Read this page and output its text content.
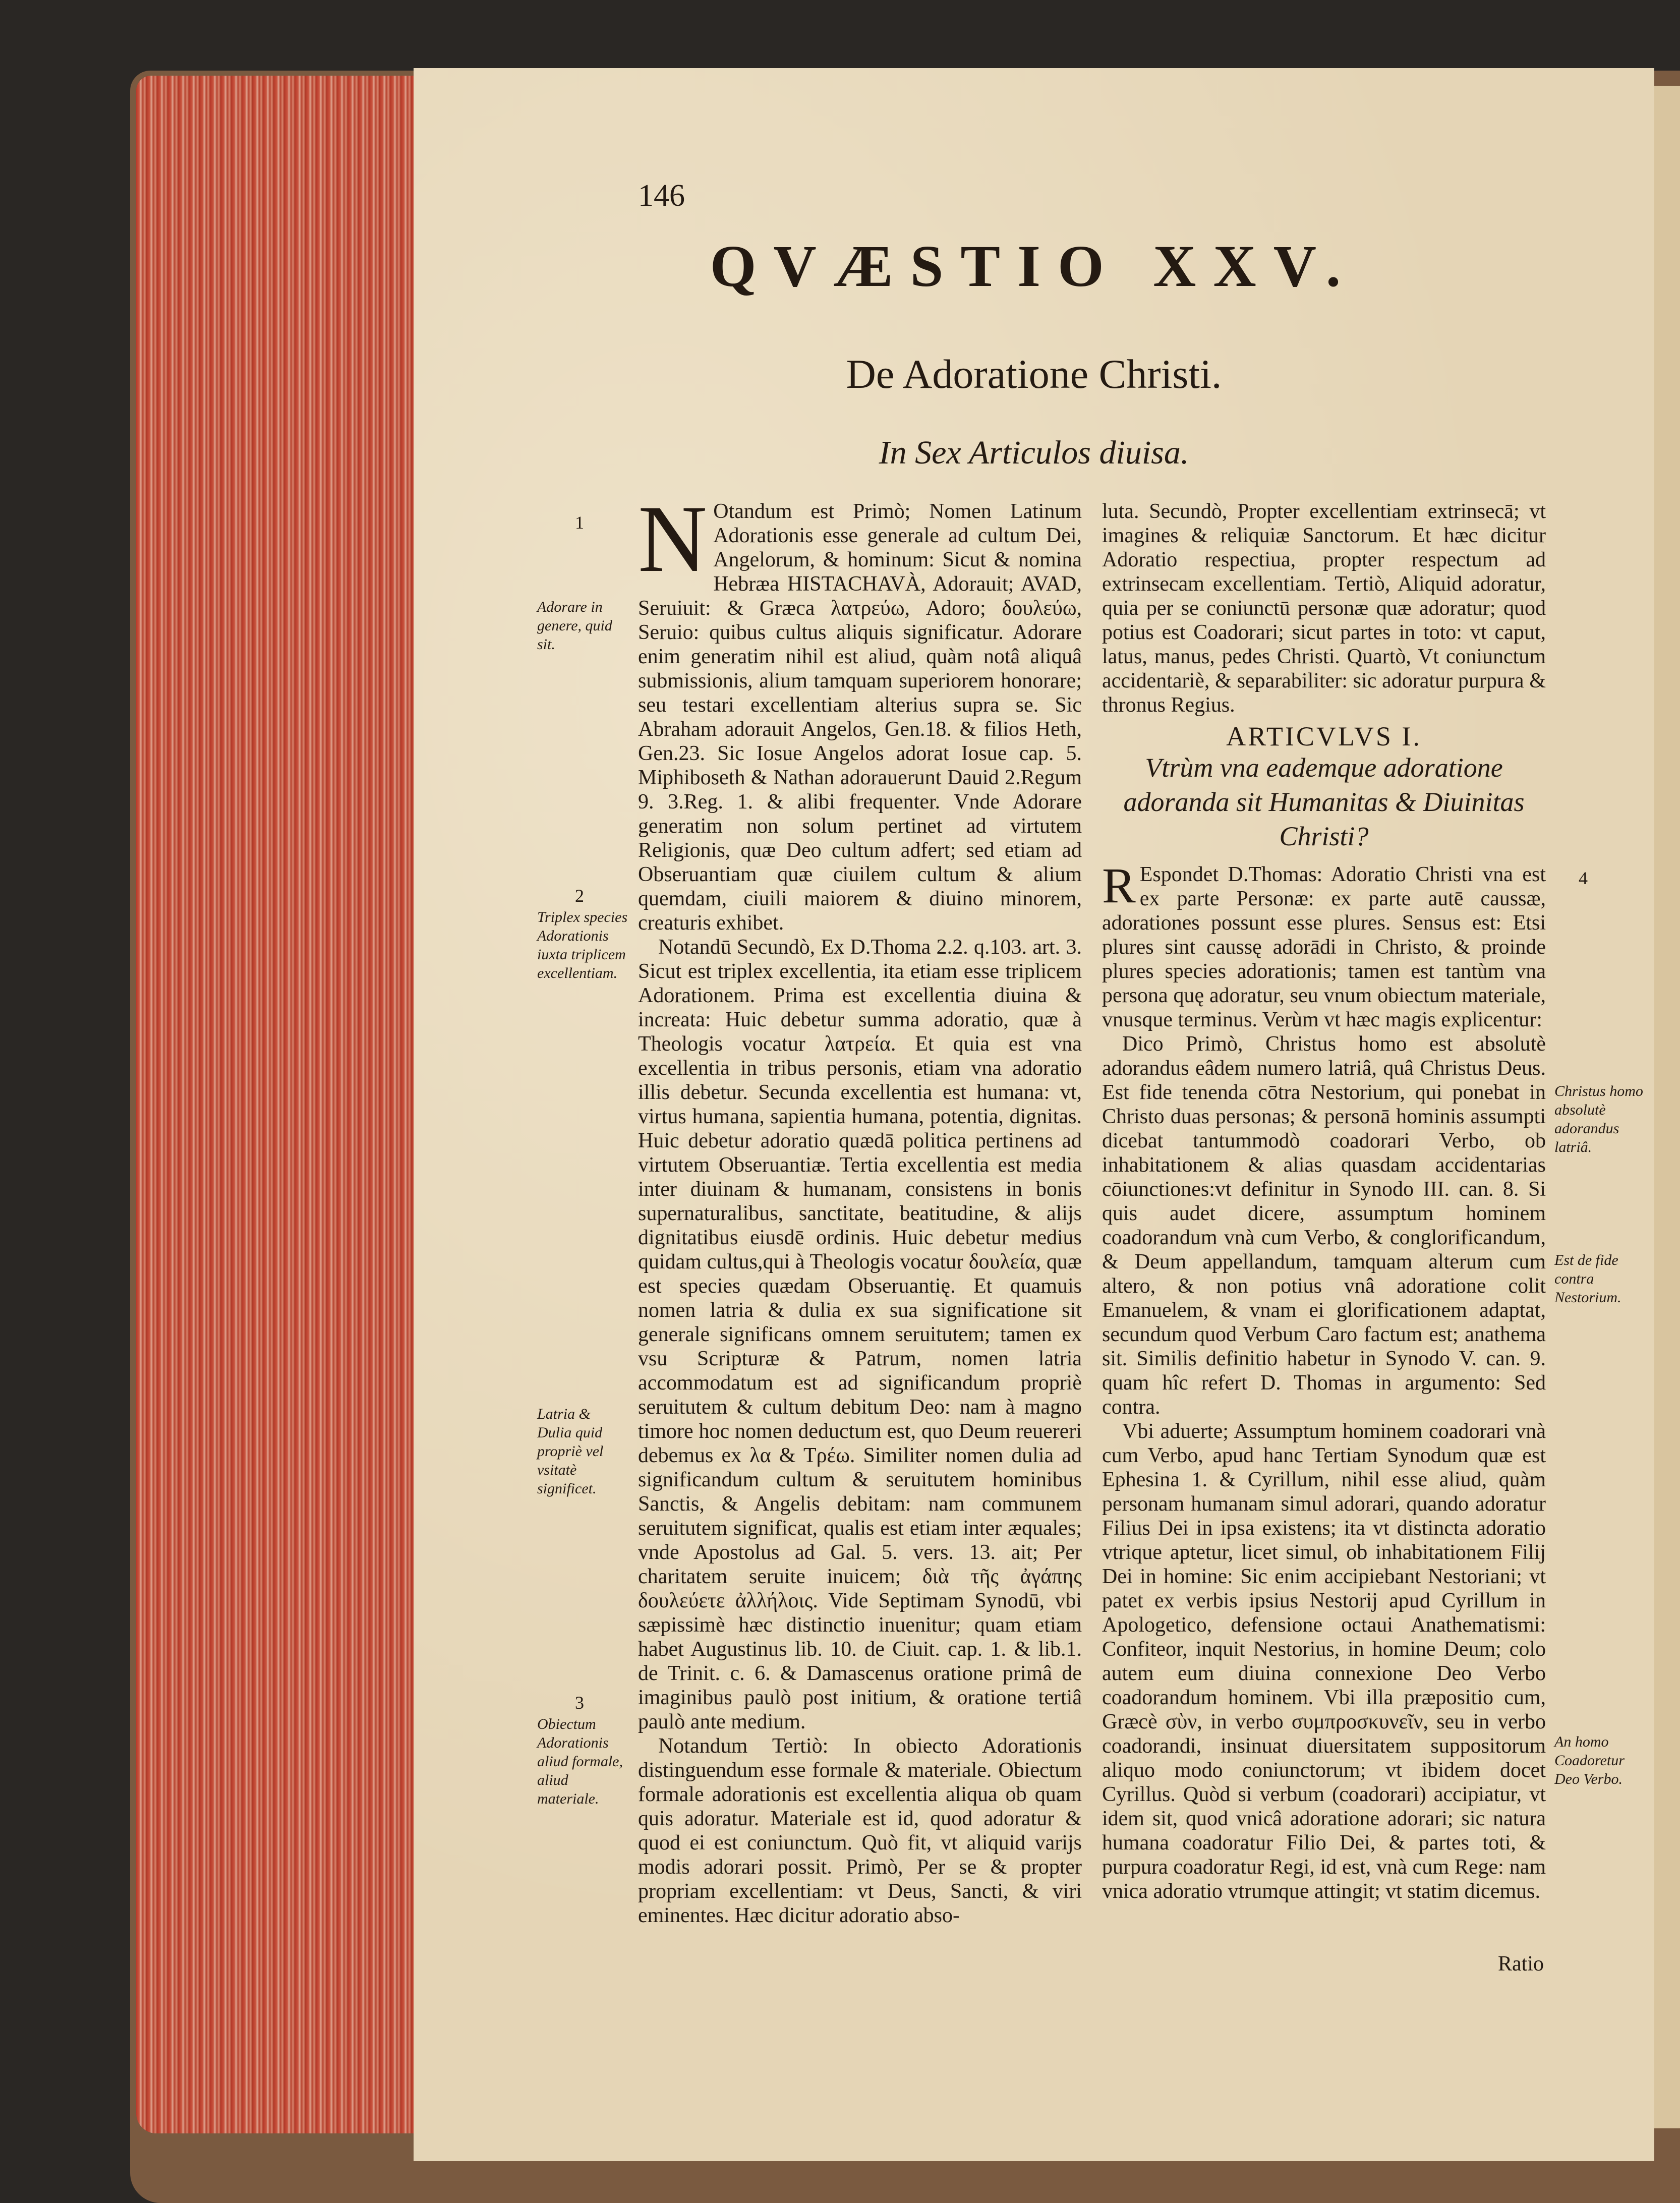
146
QVÆSTIO XXV.
De Adoratione Christi.
In Sex Articulos diuisa.
1
Adorare in genere, quid sit.
2
Triplex species Adorationis iuxta triplicem excellentiam.
Latria & Dulia quid propriè vel vsitatè significet.
3
Obiectum Adorationis aliud formale, aliud materiale.

N Otandum est Primò; Nomen Latinum Adorationis esse generale ad cultum Dei, Angelorum, & hominum: Sicut & nomina Hebræa HISTACHAVÀ, Adorauit; AVAD, Seruiuit: & Græca λατρεύω, Adoro; δουλεύω, Seruio: quibus cultus aliquis significatur. Adorare enim generatim nihil est aliud, quàm notâ aliquâ submissionis, alium tamquam superiorem honorare; seu testari excellentiam alterius supra se. Sic Abraham adorauit Angelos, Gen.18. & filios Heth, Gen.23. Sic Iosue Angelos adorat Iosue cap. 5. Miphiboseth & Nathan adorauerunt Dauid 2.Regum 9. 3.Reg. 1. & alibi frequenter. Vnde Adorare generatim non solum pertinet ad virtutem Religionis, quæ Deo cultum adfert; sed etiam ad Obseruantiam quæ ciuilem cultum & alium quemdam, ciuili maiorem & diuino minorem, creaturis exhibet.

Notandū Secundò, Ex D.Thoma 2.2. q.103. art. 3. Sicut est triplex excellentia, ita etiam esse triplicem Adorationem. Prima est excellentia diuina & increata: Huic debetur summa adoratio, quæ à Theologis vocatur λατρεία. Et quia est vna excellentia in tribus personis, etiam vna adoratio illis debetur. Secunda excellentia est humana: vt, virtus humana, sapientia humana, potentia, dignitas. Huic debetur adoratio quædā politica pertinens ad virtutem Obseruantiæ. Tertia excellentia est media inter diuinam & humanam, consistens in bonis supernaturalibus, sanctitate, beatitudine, & alijs dignitatibus eiusdē ordinis. Huic debetur medius quidam cultus,qui à Theologis vocatur δουλεία, quæ est species quædam Obseruantię. Et quamuis nomen latria & dulia ex sua significatione sit generale significans omnem seruitutem; tamen ex vsu Scripturæ & Patrum, nomen latria accommodatum est ad significandum propriè seruitutem & cultum debitum Deo: nam à magno timore hoc nomen deductum est, quo Deum reuereri debemus ex λα & Τρέω. Similiter nomen dulia ad significandum cultum & seruitutem hominibus Sanctis, & Angelis debitam: nam communem seruitutem significat, qualis est etiam inter æquales; vnde Apostolus ad Gal. 5. vers. 13. ait; Per charitatem seruite inuicem; διὰ τῆς ἀγάπης δουλεύετε ἀλλήλοις. Vide Septimam Synodū, vbi sæpissimè hæc distinctio inuenitur; quam etiam habet Augustinus lib. 10. de Ciuit. cap. 1. & lib.1. de Trinit. c. 6. & Damascenus oratione primâ de imaginibus paulò post initium, & oratione tertiâ paulò ante medium.

Notandum Tertiò: In obiecto Adorationis distinguendum esse formale & materiale. Obiectum formale adorationis est excellentia aliqua ob quam quis adoratur. Materiale est id, quod adoratur & quod ei est coniunctum. Quò fit, vt aliquid varijs modis adorari possit. Primò, Per se & propter propriam excellentiam: vt Deus, Sancti, & viri eminentes. Hæc dicitur adoratio abso-

luta. Secundò, Propter excellentiam extrinsecā; vt imagines & reliquiæ Sanctorum. Et hæc dicitur Adoratio respectiua, propter respectum ad extrinsecam excellentiam. Tertiò, Aliquid adoratur, quia per se coniunctū personæ quæ adoratur; quod potius est Coadorari; sicut partes in toto: vt caput, latus, manus, pedes Christi. Quartò, Vt coniunctum accidentariè, & separabiliter: sic adoratur purpura & thronus Regius.

ARTICVLVS I.
Vtrùm vna eademque adoratione adoranda sit Humanitas & Diuinitas Christi?

R Espondet D.Thomas: Adoratio Christi vna est ex parte Personæ: ex parte autē caussæ, adorationes possunt esse plures. Sensus est: Etsi plures sint caussę adorādi in Christo, & proinde plures species adorationis; tamen est tantùm vna persona quę adoratur, seu vnum obiectum materiale, vnusque terminus. Verùm vt hæc magis explicentur:

Dico Primò, Christus homo est absolutè adorandus eâdem numero latriâ, quâ Christus Deus. Est fide tenenda cōtra Nestorium, qui ponebat in Christo duas personas; & personā hominis assumpti dicebat tantummodò coadorari Verbo, ob inhabitationem & alias quasdam accidentarias cōiunctiones:vt definitur in Synodo III. can. 8. Si quis audet dicere, assumptum hominem coadorandum vnà cum Verbo, & conglorificandum, & Deum appellandum, tamquam alterum cum altero, & non potius vnâ adoratione colit Emanuelem, & vnam ei glorificationem adaptat, secundum quod Verbum Caro factum est; anathema sit. Similis definitio habetur in Synodo V. can. 9. quam hîc refert D. Thomas in argumento: Sed contra.

Vbi aduerte; Assumptum hominem coadorari vnà cum Verbo, apud hanc Tertiam Synodum quæ est Ephesina 1. & Cyrillum, nihil esse aliud, quàm personam humanam simul adorari, quando adoratur Filius Dei in ipsa existens; ita vt distincta adoratio vtrique aptetur, licet simul, ob inhabitationem Filij Dei in homine: Sic enim accipiebant Nestoriani; vt patet ex verbis ipsius Nestorij apud Cyrillum in Apologetico, defensione octaui Anathematismi: Confiteor, inquit Nestorius, in homine Deum; colo autem eum diuina connexione Deo Verbo coadorandum hominem. Vbi illa præpositio cum, Græcè σὺν, in verbo συμπροσκυνεῖν, seu in verbo coadorandi, insinuat diuersitatem suppositorum aliquo modo coniunctorum; vt ibidem docet Cyrillus. Quòd si verbum (coadorari) accipiatur, vt idem sit, quod vnicâ adoratione adorari; sic natura humana coadoratur Filio Dei, & partes toti, & purpura coadoratur Regi, id est, vnà cum Rege: nam vnica adoratio vtrumque attingit; vt statim dicemus.

4
Christus homo absolutè adorandus latriâ.
Est de fide contra Nestorium.
An homo Coadoretur Deo Verbo.
Ratio
